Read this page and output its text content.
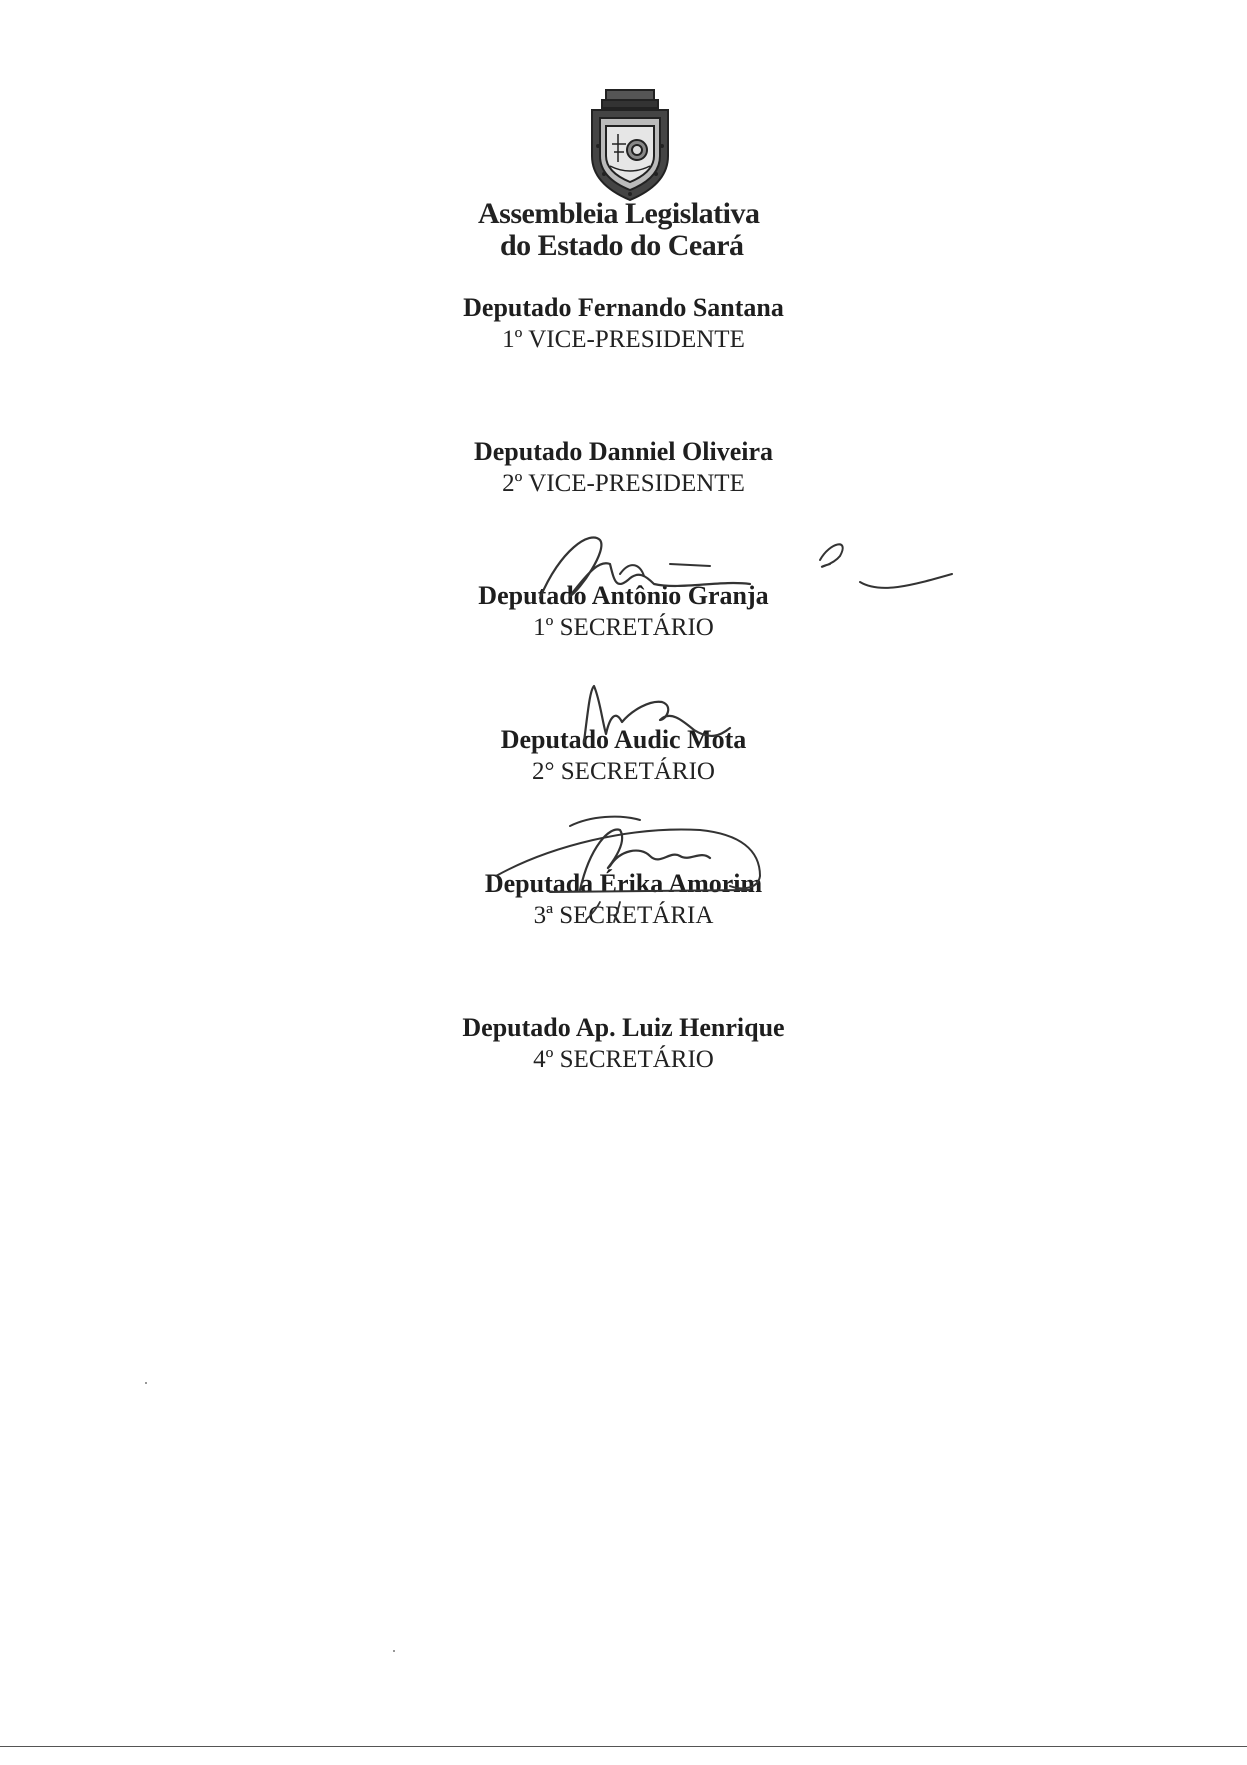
Assembleia Legislativa
do Estado do Ceará
Deputado Fernando Santana
1º VICE-PRESIDENTE
Deputado Danniel Oliveira
2º VICE-PRESIDENTE
Deputado Antônio Granja
1º SECRETÁRIO
Deputado Audic Mota
2° SECRETÁRIO
Deputada Érika Amorim
3ª SECRETÁRIA
Deputado Ap. Luiz Henrique
4º SECRETÁRIO
